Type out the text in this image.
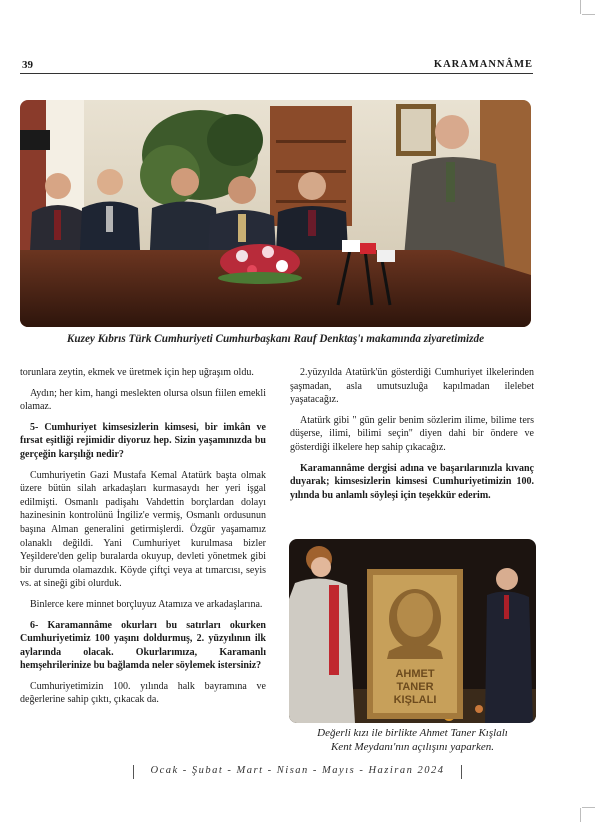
39	KARAMANNÂME
Kuzey Kıbrıs Türk Cumhuriyeti Cumhurbaşkanı Rauf Denktaş'ı makamında ziyaretimizde

torunlara zeytin, ekmek ve üretmek için hep uğraşım oldu.

Aydın; her kim, hangi meslekten olursa olsun fiilen emekli olamaz.

5- Cumhuriyet kimsesizlerin kimsesi, bir imkân ve fırsat eşitliği rejimidir diyoruz hep. Sizin yaşamınızda bu gerçeğin karşılığı nedir?

Cumhuriyetin Gazi Mustafa Kemal Atatürk başta olmak üzere bütün silah arkadaşları kurmasaydı her yeri işgal edilmişti. Osmanlı padişahı Vahdettin borçlardan dolayı hazinesinin kontrolünü İngiliz'e vermiş, Osmanlı ordusunun başına Alman generalini getirmişlerdi. Özgür yaşamamız olanaklı değildi. Yani Cumhuriyet kurulmasa bizler Yeşildere'den gelip buralarda okuyup, devleti yönetmek gibi bir durumda olamazdık. Köyde çiftçi veya at tımarcısı, seyis vs. at sineği gibi olurduk.

Binlerce kere minnet borçluyuz Atamıza ve arkadaşlarına.

6- Karamannâme okurları bu satırları okurken Cumhuriyetimiz 100 yaşını doldurmuş, 2. yüzyılının ilk aylarında olacak. Okurlarımıza, Karamanlı hemşehrilerinize bu bağlamda neler söylemek istersiniz?

Cumhuriyetimizin 100. yılında halk bayramına ve değerlerine sahip çıktı, çıkacak da.

2.yüzyılda Atatürk'ün gösterdiği Cumhuriyet ilkelerinden şaşmadan, asla umutsuzluğa kapılmadan ilelebet yaşatacağız.

Atatürk gibi " gün gelir benim sözlerim ilime, bilime ters düşerse, ilimi, bilimi seçin" diyen dahi bir öndere ve gösterdiği ilkelere hep sahip çıkacağız.

Karamannâme dergisi adına ve başarılarınızla kıvanç duyarak; kimsesizlerin kimsesi Cumhuriyetimizin 100. yılında bu anlamlı söyleşi için teşekkür ederim.

AHMET
TANER
KIŞLALI
Değerli kızı ile birlikte Ahmet Taner Kışlalı
Kent Meydanı'nın açılışını yaparken.
Ocak - Şubat - Mart - Nisan - Mayıs - Haziran 2024
